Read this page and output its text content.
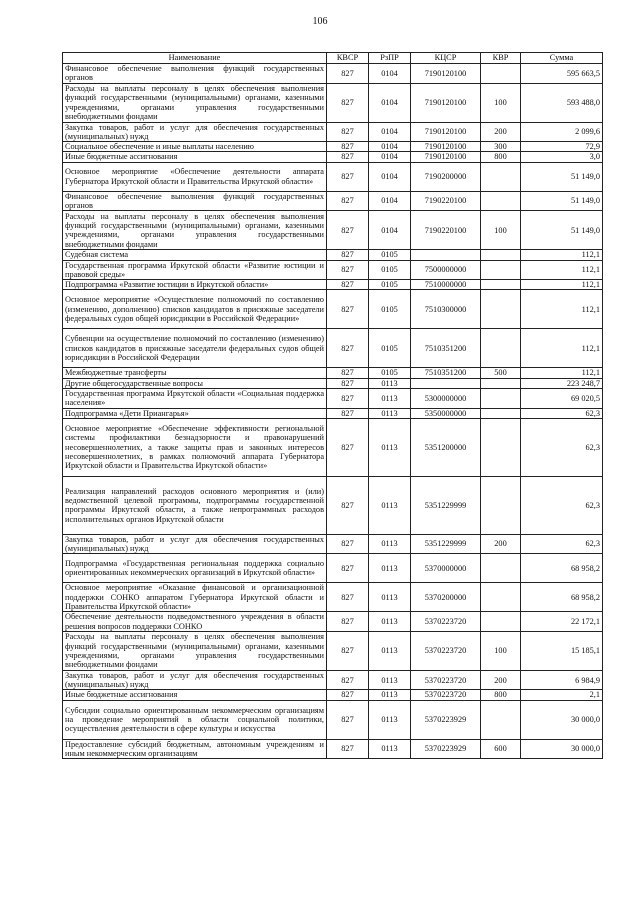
106
Наименование	КВСР	РзПР	КЦСР	КВР	Сумма
Финансовое обеспечение выполнения функций государственных органов	827	0104	7190120100		595 663,5
Расходы на выплаты персоналу в целях обеспечения выполнения функций государственными (муниципальными) органами, казенными учреждениями, органами управления государственными внебюджетными фондами	827	0104	7190120100	100	593 488,0
Закупка товаров, работ и услуг для обеспечения государственных (муниципальных) нужд	827	0104	7190120100	200	2 099,6
Социальное обеспечение и иные выплаты населению	827	0104	7190120100	300	72,9
Иные бюджетные ассигнования	827	0104	7190120100	800	3,0
Основное мероприятие «Обеспечение деятельности аппарата Губернатора Иркутской области и Правительства Иркутской области»	827	0104	7190200000		51 149,0
Финансовое обеспечение выполнения функций государственных органов	827	0104	7190220100		51 149,0
Расходы на выплаты персоналу в целях обеспечения выполнения функций государственными (муниципальными) органами, казенными учреждениями, органами управления государственными внебюджетными фондами	827	0104	7190220100	100	51 149,0
Судебная система	827	0105			112,1
Государственная программа Иркутской области «Развитие юстиции и правовой среды»	827	0105	7500000000		112,1
Подпрограмма «Развитие юстиции в Иркутской области»	827	0105	7510000000		112,1
Основное мероприятие «Осуществление полномочий по составлению (изменению, дополнению) списков кандидатов в присяжные заседатели федеральных судов общей юрисдикции в Российской Федерации»	827	0105	7510300000		112,1
Субвенции на осуществление полномочий по составлению (изменению) списков кандидатов в присяжные заседатели федеральных судов общей юрисдикции в Российской Федерации	827	0105	7510351200		112,1
Межбюджетные трансферты	827	0105	7510351200	500	112,1
Другие общегосударственные вопросы	827	0113			223 248,7
Государственная программа Иркутской области «Социальная поддержка населения»	827	0113	5300000000		69 020,5
Подпрограмма «Дети Приангарья»	827	0113	5350000000		62,3
Основное мероприятие «Обеспечение эффективности региональной системы профилактики безнадзорности и правонарушений несовершеннолетних, а также защиты прав и законных интересов несовершеннолетних, в рамках полномочий аппарата Губернатора Иркутской области и Правительства Иркутской области»	827	0113	5351200000		62,3
Реализация направлений расходов основного мероприятия и (или) ведомственной целевой программы, подпрограммы государственной программы Иркутской области, а также непрограммных расходов исполнительных органов Иркутской области	827	0113	5351229999		62,3
Закупка товаров, работ и услуг для обеспечения государственных (муниципальных) нужд	827	0113	5351229999	200	62,3
Подпрограмма «Государственная региональная поддержка социально ориентированных некоммерческих организаций в Иркутской области»	827	0113	5370000000		68 958,2
Основное мероприятие «Оказание финансовой и организационной поддержки СОНКО аппаратом Губернатора Иркутской области и Правительства Иркутской области»	827	0113	5370200000		68 958,2
Обеспечение деятельности подведомственного учреждения в области решения вопросов поддержки СОНКО	827	0113	5370223720		22 172,1
Расходы на выплаты персоналу в целях обеспечения выполнения функций государственными (муниципальными) органами, казенными учреждениями, органами управления государственными внебюджетными фондами	827	0113	5370223720	100	15 185,1
Закупка товаров, работ и услуг для обеспечения государственных (муниципальных) нужд	827	0113	5370223720	200	6 984,9
Иные бюджетные ассигнования	827	0113	5370223720	800	2,1
Субсидии социально ориентированным некоммерческим организациям на проведение мероприятий в области социальной политики, осуществления деятельности в сфере культуры и искусства	827	0113	5370223929		30 000,0
Предоставление субсидий бюджетным, автономным учреждениям и иным некоммерческим организациям	827	0113	5370223929	600	30 000,0
